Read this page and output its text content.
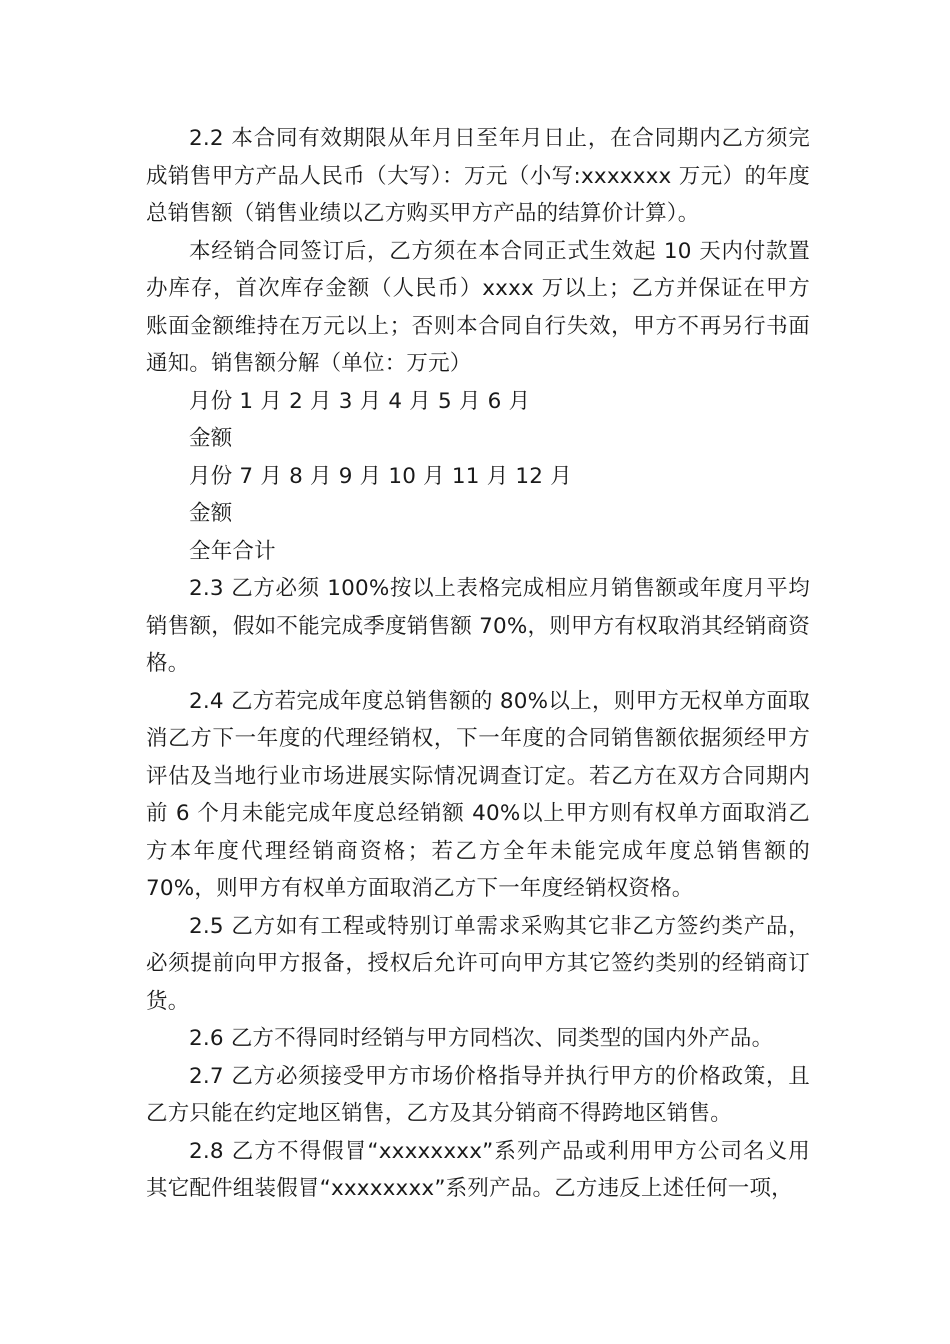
2.2 本合同有效期限从年月日至年月日止，在合同期内乙方须完成销售甲方产品人民币（大写）：万元（小写:xxxxxxx 万元）的年度总销售额（销售业绩以乙方购买甲方产品的结算价计算）。

本经销合同签订后，乙方须在本合同正式生效起 10 天内付款置办库存，首次库存金额（人民币）xxxx 万以上；乙方并保证在甲方账面金额维持在万元以上；否则本合同自行失效，甲方不再另行书面通知。销售额分解（单位：万元）

月份 1 月 2 月 3 月 4 月 5 月 6 月

金额

月份 7 月 8 月 9 月 10 月 11 月 12 月

金额

全年合计

2.3 乙方必须 100%按以上表格完成相应月销售额或年度月平均销售额，假如不能完成季度销售额 70%，则甲方有权取消其经销商资格。

2.4 乙方若完成年度总销售额的 80%以上，则甲方无权单方面取消乙方下一年度的代理经销权，下一年度的合同销售额依据须经甲方评估及当地行业市场进展实际情况调查订定。若乙方在双方合同期内前 6 个月未能完成年度总经销额 40%以上甲方则有权单方面取消乙方本年度代理经销商资格；若乙方全年未能完成年度总销售额的 70%，则甲方有权单方面取消乙方下一年度经销权资格。

2.5 乙方如有工程或特别订单需求采购其它非乙方签约类产品，必须提前向甲方报备，授权后允许可向甲方其它签约类别的经销商订货。

2.6 乙方不得同时经销与甲方同档次、同类型的国内外产品。

2.7 乙方必须接受甲方市场价格指导并执行甲方的价格政策，且乙方只能在约定地区销售，乙方及其分销商不得跨地区销售。

2.8 乙方不得假冒“xxxxxxxx”系列产品或利用甲方公司名义用其它配件组装假冒“xxxxxxxx”系列产品。乙方违反上述任何一项，
